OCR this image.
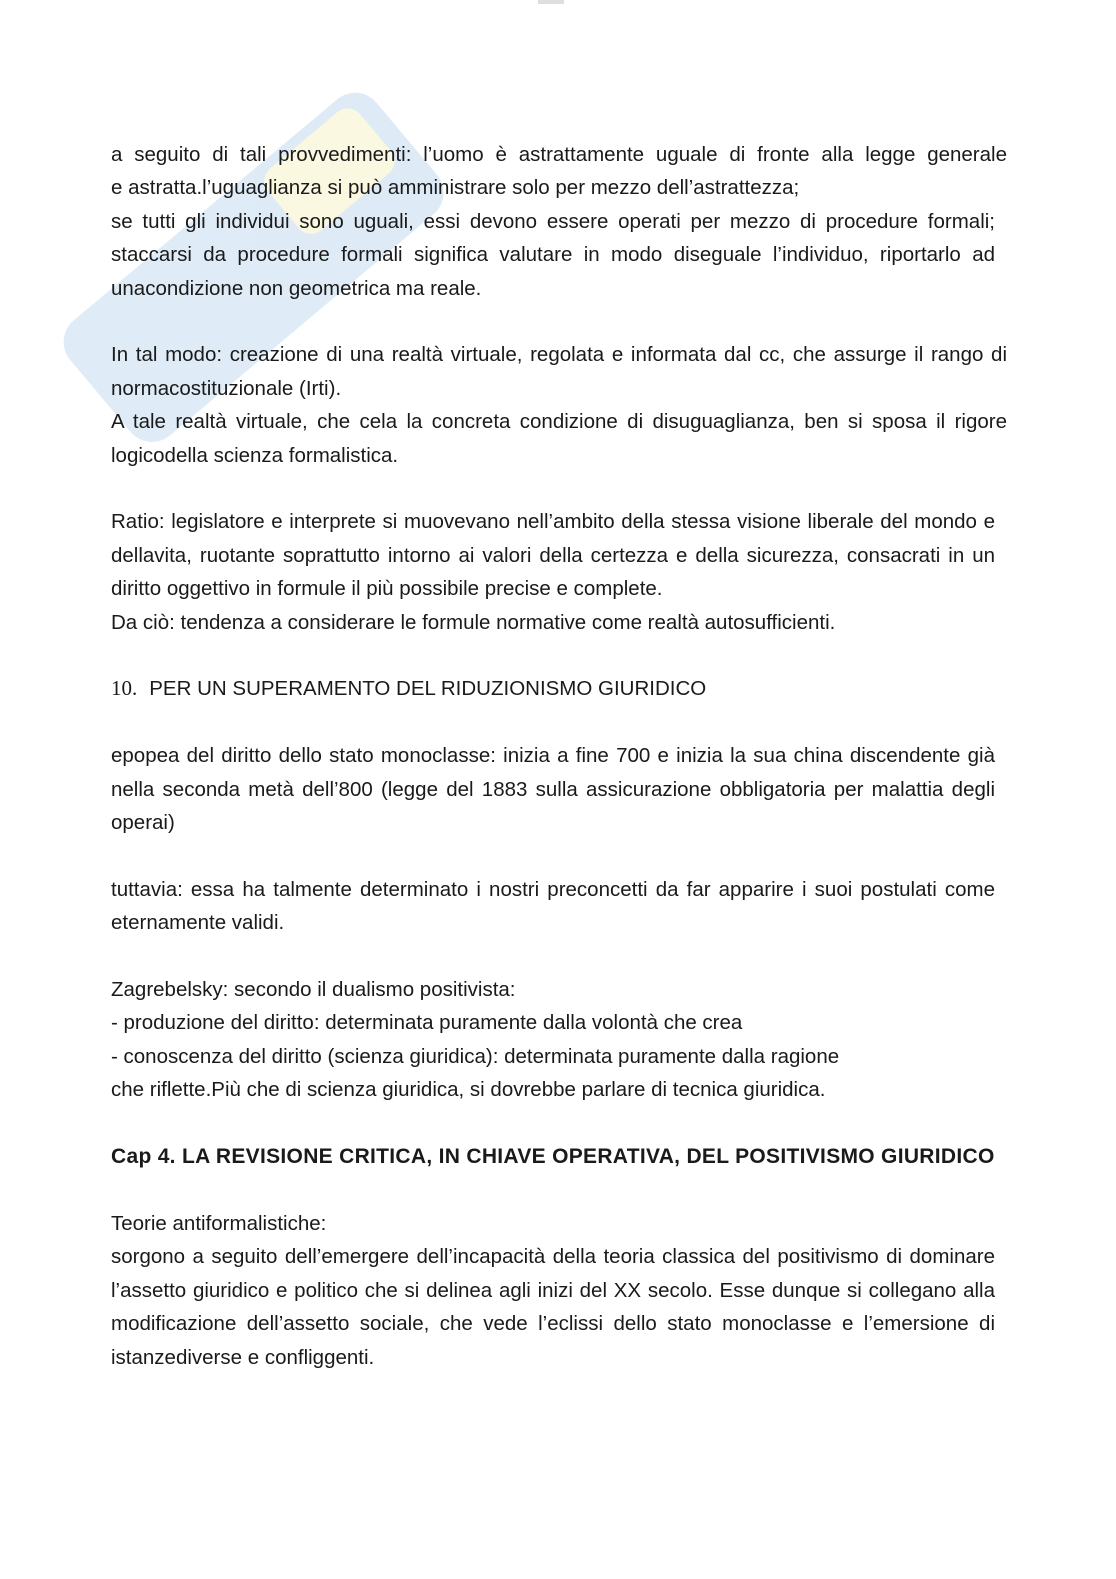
a seguito di tali provvedimenti: l’uomo è astrattamente uguale di fronte alla legge generale

e astratta.l’uguaglianza si può amministrare solo per mezzo dell’astrattezza;

se tutti gli individui sono uguali, essi devono essere operati per mezzo di procedure formali; staccarsi da procedure formali significa valutare in modo diseguale l’individuo, riportarlo ad unacondizione non geometrica ma reale.

In tal modo: creazione di una realtà virtuale, regolata e informata dal cc, che assurge il rango di normacostituzionale (Irti).

A tale realtà virtuale, che cela la concreta condizione di disuguaglianza, ben si sposa il rigore logicodella scienza formalistica.

Ratio: legislatore e interprete si muovevano nell’ambito della stessa visione liberale del mondo e dellavita, ruotante soprattutto intorno ai valori della certezza e della sicurezza, consacrati in un diritto oggettivo in formule il più possibile precise e complete.

Da ciò: tendenza a considerare le formule normative come realtà autosufficienti.

10. PER UN SUPERAMENTO DEL RIDUZIONISMO GIURIDICO

epopea del diritto dello stato monoclasse: inizia a fine 700 e inizia la sua china discendente già nella seconda metà dell’800 (legge del 1883 sulla assicurazione obbligatoria per malattia degli operai)

tuttavia: essa ha talmente determinato i nostri preconcetti da far apparire i suoi postulati come eternamente validi.

Zagrebelsky: secondo il dualismo positivista:

- produzione del diritto: determinata puramente dalla volontà che crea

- conoscenza del diritto (scienza giuridica): determinata puramente dalla ragione

che riflette.Più che di scienza giuridica, si dovrebbe parlare di tecnica giuridica.

Cap 4. LA REVISIONE CRITICA, IN CHIAVE OPERATIVA, DEL POSITIVISMO GIURIDICO

Teorie antiformalistiche:

sorgono a seguito dell’emergere dell’incapacità della teoria classica del positivismo di dominare l’assetto giuridico e politico che si delinea agli inizi del XX secolo. Esse dunque si collegano alla modificazione dell’assetto sociale, che vede l’eclissi dello stato monoclasse e l’emersione di istanzediverse e confliggenti.
